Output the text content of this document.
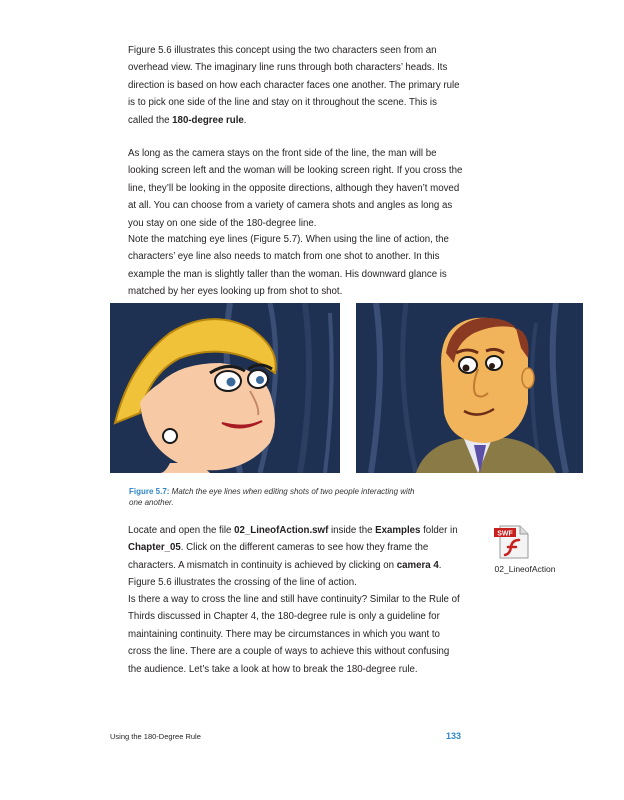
Figure 5.6 illustrates this concept using the two characters seen from an overhead view. The imaginary line runs through both characters’ heads. Its direction is based on how each character faces one another. The primary rule is to pick one side of the line and stay on it throughout the scene. This is called the 180-degree rule.

As long as the camera stays on the front side of the line, the man will be looking screen left and the woman will be looking screen right. If you cross the line, they’ll be looking in the opposite directions, although they haven’t moved at all. You can choose from a variety of camera shots and angles as long as you stay on one side of the 180-degree line.

Note the matching eye lines (Figure 5.7). When using the line of action, the characters’ eye line also needs to match from one shot to another. In this example the man is slightly taller than the woman. His downward glance is matched by her eyes looking up from shot to shot.

Figure 5.7: Match the eye lines when editing shots of two people interacting with one another.

Locate and open the file 02_LineofAction.swf inside the Examples folder in Chapter_05. Click on the different cameras to see how they frame the characters. A mismatch in continuity is achieved by clicking on camera 4. Figure 5.6 illustrates the crossing of the line of action.

SWF
02_LineofAction

Is there a way to cross the line and still have continuity? Similar to the Rule of Thirds discussed in Chapter 4, the 180-degree rule is only a guideline for maintaining continuity. There may be circumstances in which you want to cross the line. There are a couple of ways to achieve this without confusing the audience. Let’s take a look at how to break the 180-degree rule.

Using the 180-Degree Rule	133
